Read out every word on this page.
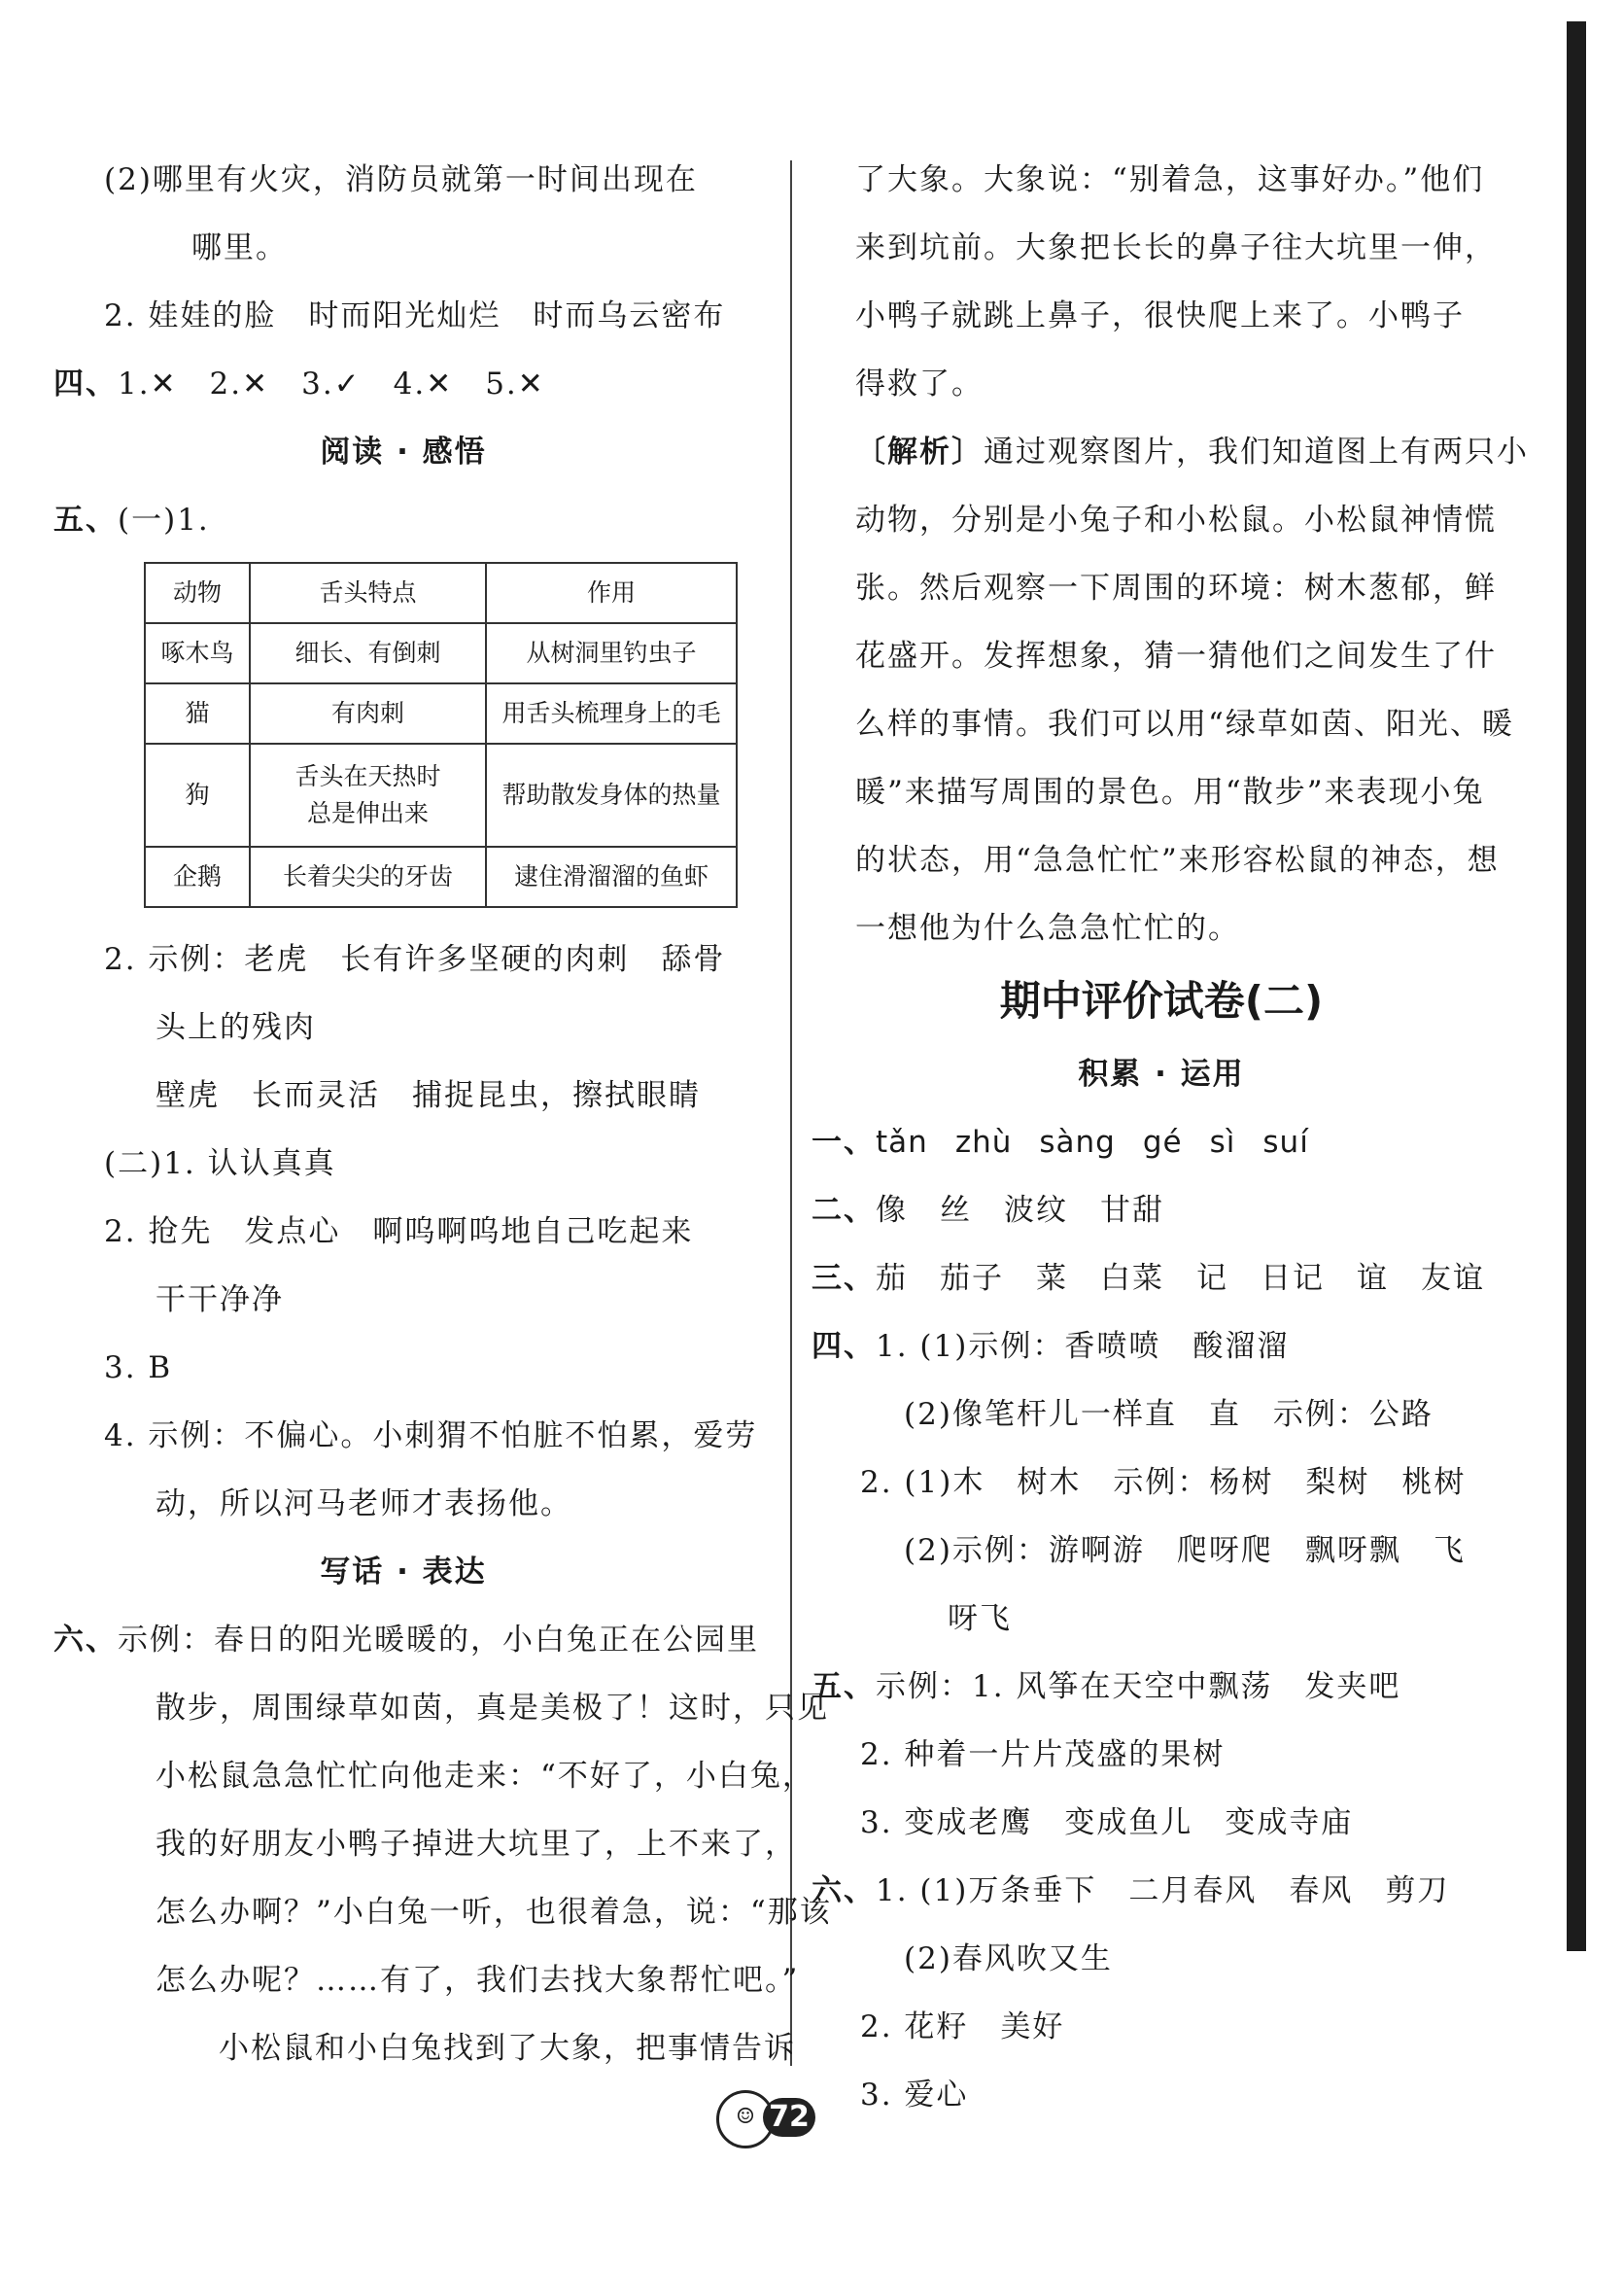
(2)哪里有火灾，消防员就第一时间出现在
哪里。
2. 娃娃的脸　时而阳光灿烂　时而乌云密布
四、1.✕　2.✕　3.✓　4.✕　5.✕
阅读 · 感悟
五、(一)1.
动物	舌头特点	作用
啄木鸟	细长、有倒刺	从树洞里钓虫子
猫	有肉刺	用舌头梳理身上的毛
狗	舌头在天热时总是伸出来	帮助散发身体的热量
企鹅	长着尖尖的牙齿	逮住滑溜溜的鱼虾
2. 示例：老虎　长有许多坚硬的肉刺　舔骨
头上的残肉
壁虎　长而灵活　捕捉昆虫，擦拭眼睛
(二)1. 认认真真
2. 抢先　发点心　啊呜啊呜地自己吃起来
干干净净
3. B
4. 示例：不偏心。小刺猬不怕脏不怕累，爱劳
动，所以河马老师才表扬他。
写话 · 表达
六、示例：春日的阳光暖暖的，小白兔正在公园里
散步，周围绿草如茵，真是美极了！这时，只见
小松鼠急急忙忙向他走来：“不好了，小白兔，
我的好朋友小鸭子掉进大坑里了，上不来了，
怎么办啊？”小白兔一听，也很着急，说：“那该
怎么办呢？……有了，我们去找大象帮忙吧。”
小松鼠和小白兔找到了大象，把事情告诉
了大象。大象说：“别着急，这事好办。”他们
来到坑前。大象把长长的鼻子往大坑里一伸，
小鸭子就跳上鼻子，很快爬上来了。小鸭子
得救了。
〔解析〕通过观察图片，我们知道图上有两只小
动物，分别是小兔子和小松鼠。小松鼠神情慌
张。然后观察一下周围的环境：树木葱郁，鲜
花盛开。发挥想象，猜一猜他们之间发生了什
么样的事情。我们可以用“绿草如茵、阳光、暖
暖”来描写周围的景色。用“散步”来表现小兔
的状态，用“急急忙忙”来形容松鼠的神态，想
一想他为什么急急忙忙的。
期中评价试卷(二)
积累 · 运用
一、tǎn zhù sàng gé sì suí
二、像　丝　波纹　甘甜
三、茄　茄子　菜　白菜　记　日记　谊　友谊
四、1. (1)示例：香喷喷　酸溜溜
(2)像笔杆儿一样直　直　示例：公路
2. (1)木　树木　示例：杨树　梨树　桃树
(2)示例：游啊游　爬呀爬　飘呀飘　飞
呀飞
五、示例：1. 风筝在天空中飘荡　发夹吧
2. 种着一片片茂盛的果树
3. 变成老鹰　变成鱼儿　变成寺庙
六、1. (1)万条垂下　二月春风　春风　剪刀
(2)春风吹又生
2. 花籽　美好
3. 爱心
☺ 72
